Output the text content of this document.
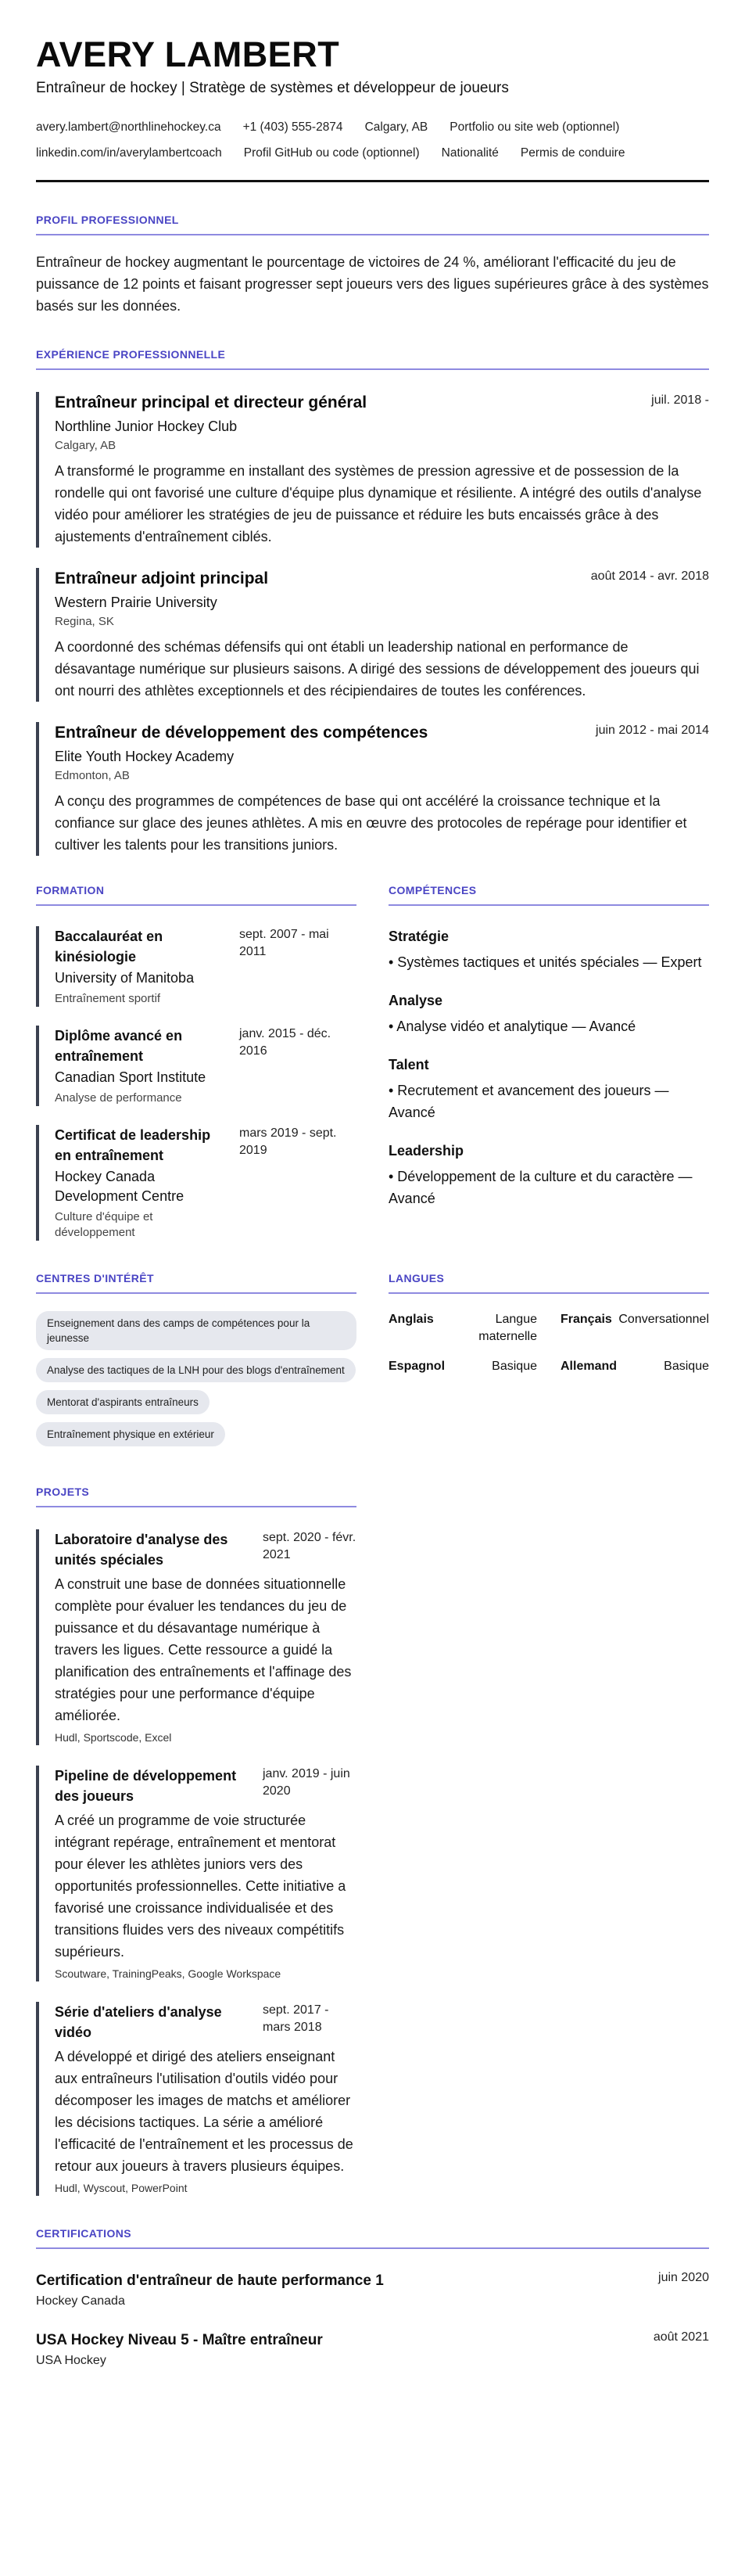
AVERY LAMBERT
Entraîneur de hockey | Stratège de systèmes et développeur de joueurs
avery.lambert@northlinehockey.ca +1 (403) 555-2874 Calgary, AB Portfolio ou site web (optionnel)
linkedin.com/in/averylambertcoach Profil GitHub ou code (optionnel) Nationalité Permis de conduire
PROFIL PROFESSIONNEL
Entraîneur de hockey augmentant le pourcentage de victoires de 24 %, améliorant l'efficacité du jeu de puissance de 12 points et faisant progresser sept joueurs vers des ligues supérieures grâce à des systèmes basés sur les données.
EXPÉRIENCE PROFESSIONNELLE
Entraîneur principal et directeur général	juil. 2018 -
Northline Junior Hockey Club
Calgary, AB
A transformé le programme en installant des systèmes de pression agressive et de possession de la rondelle qui ont favorisé une culture d'équipe plus dynamique et résiliente. A intégré des outils d'analyse vidéo pour améliorer les stratégies de jeu de puissance et réduire les buts encaissés grâce à des ajustements d'entraînement ciblés.
Entraîneur adjoint principal	août 2014 - avr. 2018
Western Prairie University
Regina, SK
A coordonné des schémas défensifs qui ont établi un leadership national en performance de désavantage numérique sur plusieurs saisons. A dirigé des sessions de développement des joueurs qui ont nourri des athlètes exceptionnels et des récipiendaires de toutes les conférences.
Entraîneur de développement des compétences	juin 2012 - mai 2014
Elite Youth Hockey Academy
Edmonton, AB
A conçu des programmes de compétences de base qui ont accéléré la croissance technique et la confiance sur glace des jeunes athlètes. A mis en œuvre des protocoles de repérage pour identifier et cultiver les talents pour les transitions juniors.
FORMATION
Baccalauréat en kinésiologie
sept. 2007 - mai 2011
University of Manitoba
Entraînement sportif
Diplôme avancé en entraînement
janv. 2015 - déc. 2016
Canadian Sport Institute
Analyse de performance
Certificat de leadership en entraînement
mars 2019 - sept. 2019
Hockey Canada Development Centre
Culture d'équipe et développement
COMPÉTENCES
Stratégie
• Systèmes tactiques et unités spéciales — Expert
Analyse
• Analyse vidéo et analytique — Avancé
Talent
• Recrutement et avancement des joueurs — Avancé
Leadership
• Développement de la culture et du caractère — Avancé
CENTRES D'INTÉRÊT
Enseignement dans des camps de compétences pour la jeunesse
Analyse des tactiques de la LNH pour des blogs d'entraînement
Mentorat d'aspirants entraîneurs
Entraînement physique en extérieur
LANGUES
Anglais	Langue maternelle
Français Conversationnel
Espagnol	Basique Allemand	Basique
PROJETS
Laboratoire d'analyse des unités spéciales
sept. 2020 - févr. 2021
A construit une base de données situationnelle complète pour évaluer les tendances du jeu de puissance et du désavantage numérique à travers les ligues. Cette ressource a guidé la planification des entraînements et l'affinage des stratégies pour une performance d'équipe améliorée.
Hudl, Sportscode, Excel
Pipeline de développement des joueurs
janv. 2019 - juin 2020
A créé un programme de voie structurée intégrant repérage, entraînement et mentorat pour élever les athlètes juniors vers des opportunités professionnelles. Cette initiative a favorisé une croissance individualisée et des transitions fluides vers des niveaux compétitifs supérieurs.
Scoutware, TrainingPeaks, Google Workspace
Série d'ateliers d'analyse vidéo
sept. 2017 - mars 2018
A développé et dirigé des ateliers enseignant aux entraîneurs l'utilisation d'outils vidéo pour décomposer les images de matchs et améliorer les décisions tactiques. La série a amélioré l'efficacité de l'entraînement et les processus de retour aux joueurs à travers plusieurs équipes.
Hudl, Wyscout, PowerPoint
CERTIFICATIONS
Certification d'entraîneur de haute performance 1	juin 2020
Hockey Canada
USA Hockey Niveau 5 - Maître entraîneur	août 2021
USA Hockey
